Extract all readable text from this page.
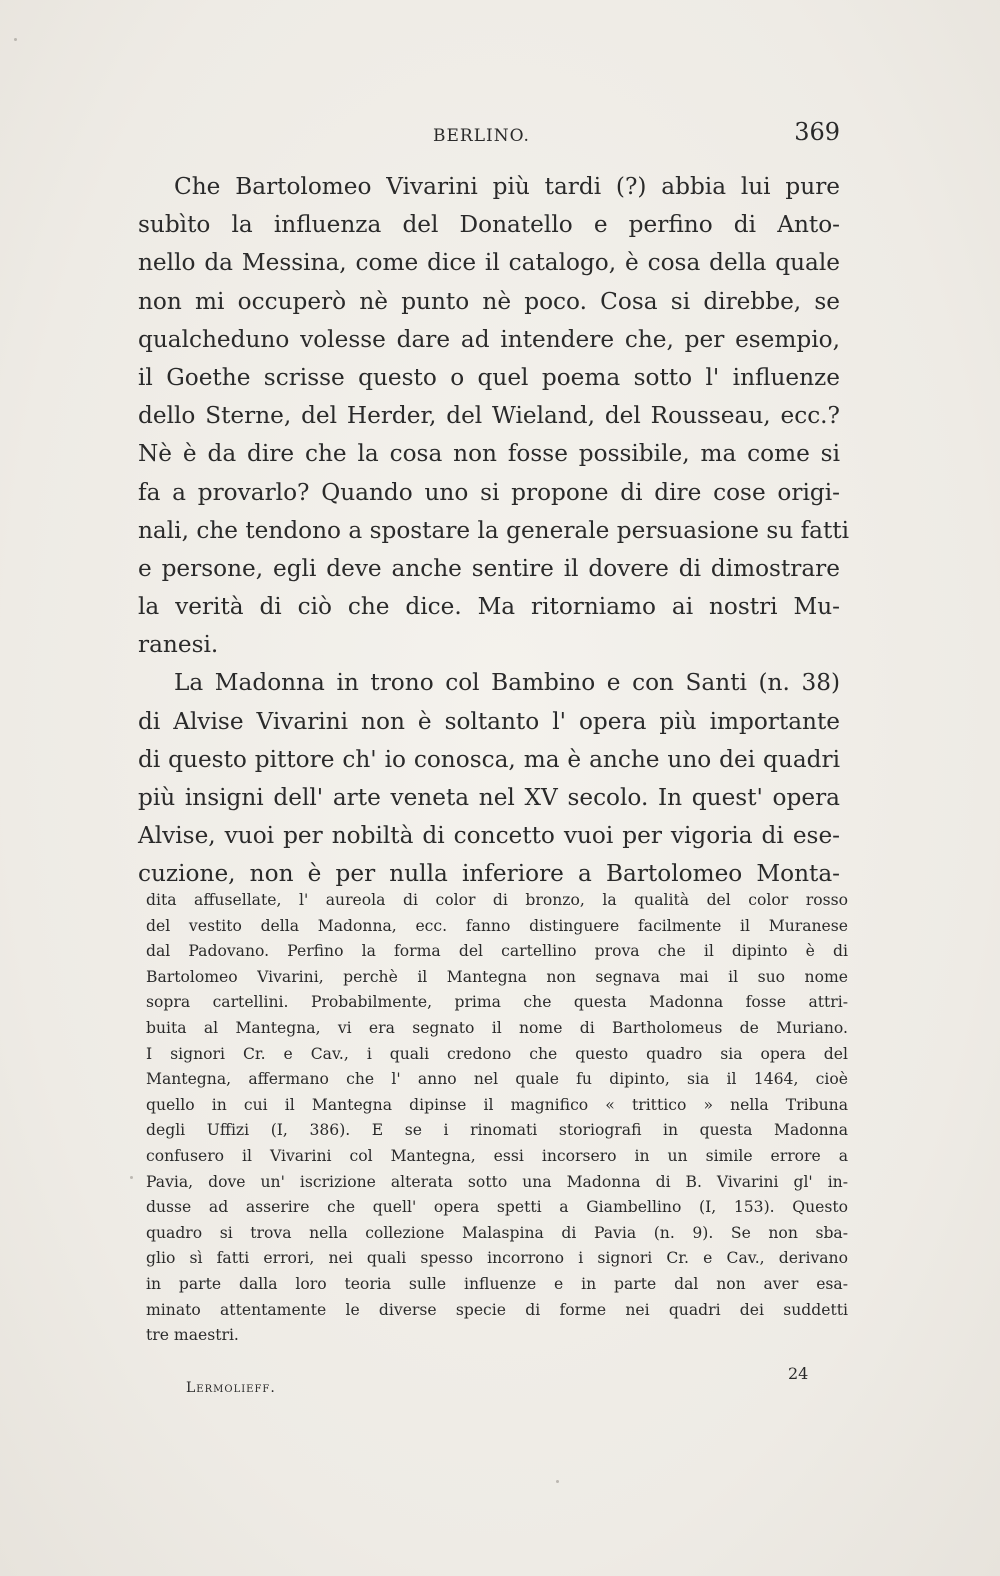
BERLINO.	369
Che Bartolomeo Vivarini più tardi (?) abbia lui pure
subìto la influenza del Donatello e perfino di Anto-
nello da Messina, come dice il catalogo, è cosa della quale
non mi occuperò nè punto nè poco. Cosa si direbbe, se
qualcheduno volesse dare ad intendere che, per esempio,
il Goethe scrisse questo o quel poema sotto l' influenze
dello Sterne, del Herder, del Wieland, del Rousseau, ecc.?
Nè è da dire che la cosa non fosse possibile, ma come si
fa a provarlo? Quando uno si propone di dire cose origi-
nali, che tendono a spostare la generale persuasione su fatti
e persone, egli deve anche sentire il dovere di dimostrare
la verità di ciò che dice. Ma ritorniamo ai nostri Mu-
ranesi.
La Madonna in trono col Bambino e con Santi (n. 38)
di Alvise Vivarini non è soltanto l' opera più importante
di questo pittore ch' io conosca, ma è anche uno dei quadri
più insigni dell' arte veneta nel XV secolo. In quest' opera
Alvise, vuoi per nobiltà di concetto vuoi per vigoria di ese-
cuzione, non è per nulla inferiore a Bartolomeo Monta-
dita affusellate, l' aureola di color di bronzo, la qualità del color rosso
del vestito della Madonna, ecc. fanno distinguere facilmente il Muranese
dal Padovano. Perfino la forma del cartellino prova che il dipinto è di
Bartolomeo Vivarini, perchè il Mantegna non segnava mai il suo nome
sopra cartellini. Probabilmente, prima che questa Madonna fosse attri-
buita al Mantegna, vi era segnato il nome di Bartholomeus de Muriano.
I signori Cr. e Cav., i quali credono che questo quadro sia opera del
Mantegna, affermano che l' anno nel quale fu dipinto, sia il 1464, cioè
quello in cui il Mantegna dipinse il magnifico « trittico » nella Tribuna
degli Uffizi (I, 386). E se i rinomati storiografi in questa Madonna
confusero il Vivarini col Mantegna, essi incorsero in un simile errore a
Pavia, dove un' iscrizione alterata sotto una Madonna di B. Vivarini gl' in-
dusse ad asserire che quell' opera spetti a Giambellino (I, 153). Questo
quadro si trova nella collezione Malaspina di Pavia (n. 9). Se non sba-
glio sì fatti errori, nei quali spesso incorrono i signori Cr. e Cav., derivano
in parte dalla loro teoria sulle influenze e in parte dal non aver esa-
minato attentamente le diverse specie di forme nei quadri dei suddetti
tre maestri.
Lermolieff.
24
